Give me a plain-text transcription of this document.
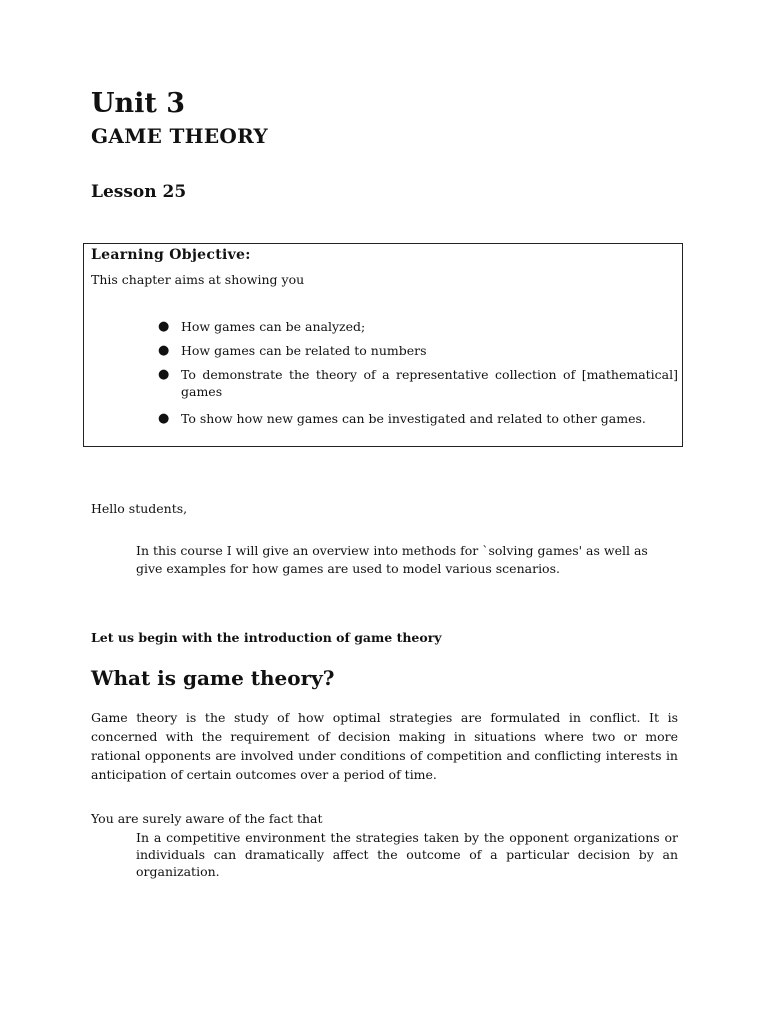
Unit 3
GAME THEORY
Lesson 25
Learning Objective:
This chapter aims at showing you
● How games can be analyzed;
● How games can be related to numbers
● To demonstrate the theory of a representative collection of [mathematical] games
● To show how new games can be investigated and related to other games.
Hello students,
In this course I will give an overview into methods for `solving games' as well as give examples for how games are used to model various scenarios.
Let us begin with the introduction of game theory
What is game theory?
Game theory is the study of how optimal strategies are formulated in conflict. It is concerned with the requirement of decision making in situations where two or more rational opponents are involved under conditions of competition and conflicting interests in anticipation of certain outcomes over a period of time.
You are surely aware of the fact that
In a competitive environment the strategies taken by the opponent organizations or individuals can dramatically affect the outcome of a particular decision by an organization.
